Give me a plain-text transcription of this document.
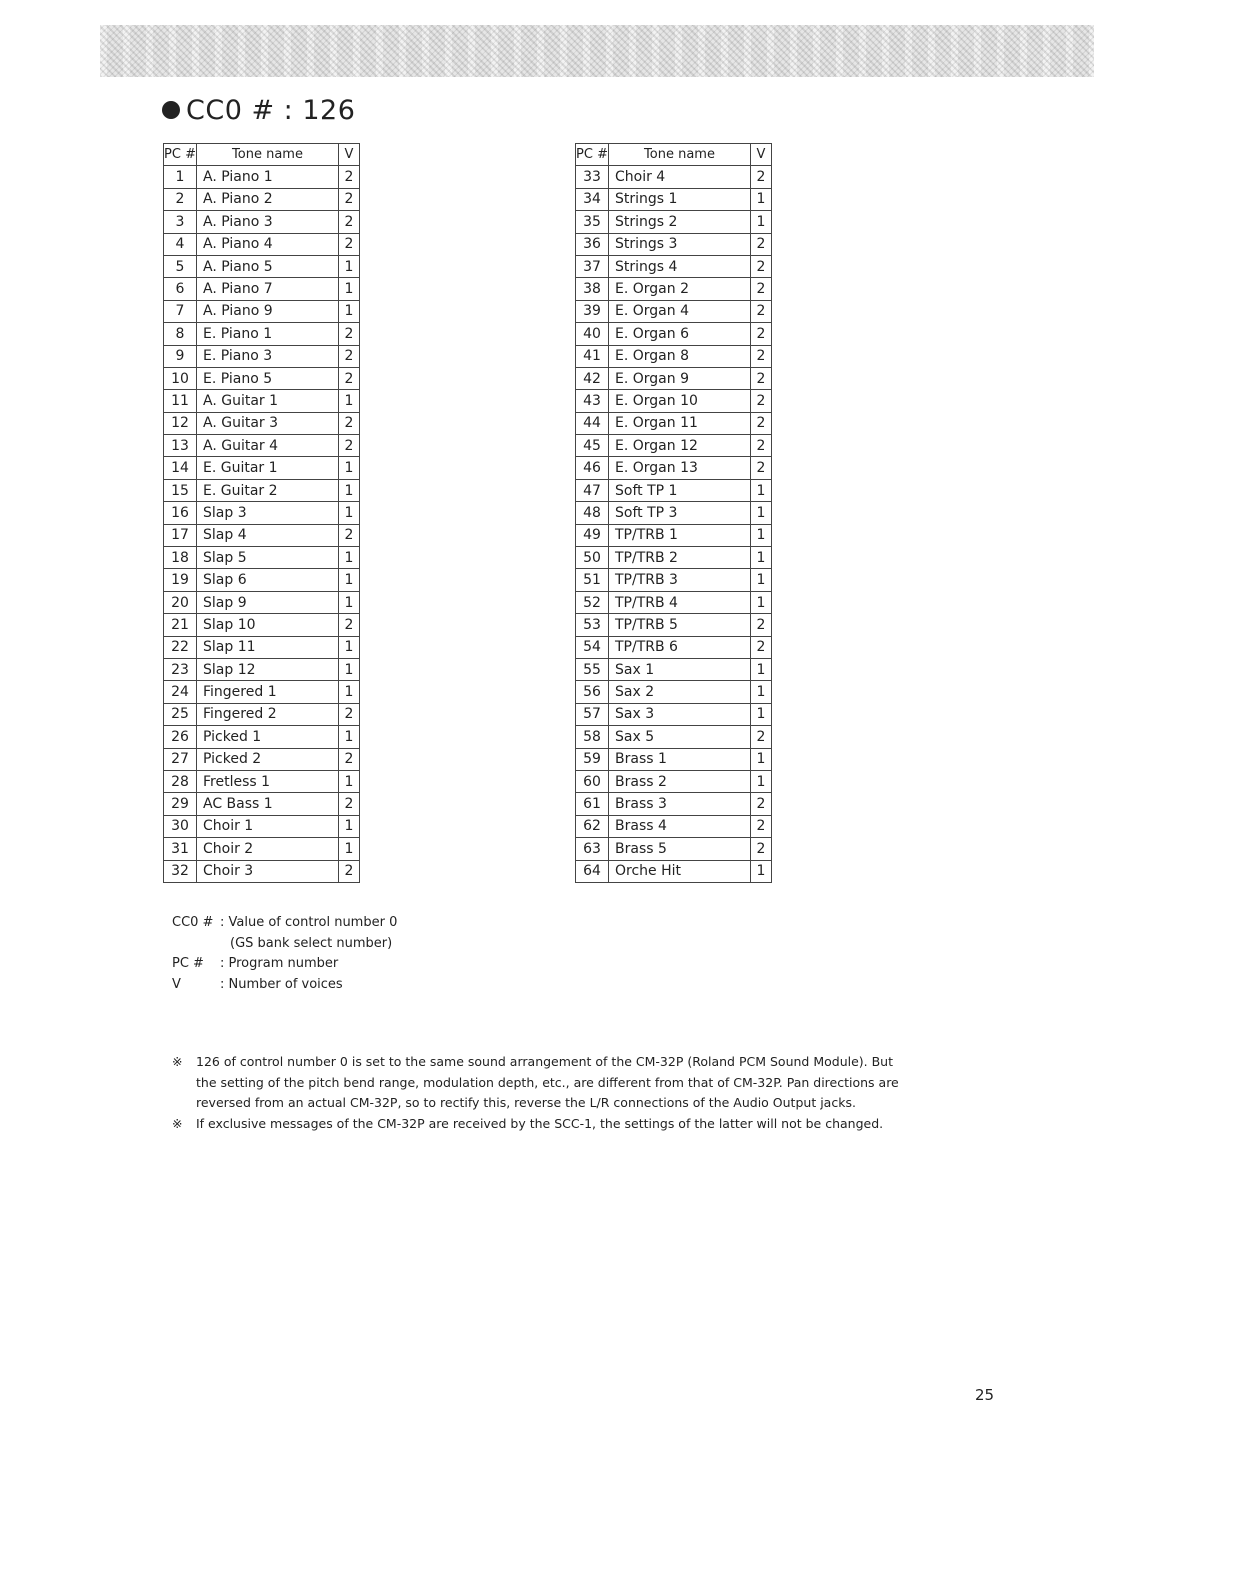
CC0 # : 126
PC #	Tone name	V
1	A. Piano 1	2
2	A. Piano 2	2
3	A. Piano 3	2
4	A. Piano 4	2
5	A. Piano 5	1
6	A. Piano 7	1
7	A. Piano 9	1
8	E. Piano 1	2
9	E. Piano 3	2
10	E. Piano 5	2
11	A. Guitar 1	1
12	A. Guitar 3	2
13	A. Guitar 4	2
14	E. Guitar 1	1
15	E. Guitar 2	1
16	Slap 3	1
17	Slap 4	2
18	Slap 5	1
19	Slap 6	1
20	Slap 9	1
21	Slap 10	2
22	Slap 11	1
23	Slap 12	1
24	Fingered 1	1
25	Fingered 2	2
26	Picked 1	1
27	Picked 2	2
28	Fretless 1	1
29	AC Bass 1	2
30	Choir 1	1
31	Choir 2	1
32	Choir 3	2
PC #	Tone name	V
33	Choir 4	2
34	Strings 1	1
35	Strings 2	1
36	Strings 3	2
37	Strings 4	2
38	E. Organ 2	2
39	E. Organ 4	2
40	E. Organ 6	2
41	E. Organ 8	2
42	E. Organ 9	2
43	E. Organ 10	2
44	E. Organ 11	2
45	E. Organ 12	2
46	E. Organ 13	2
47	Soft TP 1	1
48	Soft TP 3	1
49	TP/TRB 1	1
50	TP/TRB 2	1
51	TP/TRB 3	1
52	TP/TRB 4	1
53	TP/TRB 5	2
54	TP/TRB 6	2
55	Sax 1	1
56	Sax 2	1
57	Sax 3	1
58	Sax 5	2
59	Brass 1	1
60	Brass 2	1
61	Brass 3	2
62	Brass 4	2
63	Brass 5	2
64	Orche Hit	1
CC0 # : Value of control number 0
(GS bank select number)
PC #	: Program number
V	: Number of voices
※	126 of control number 0 is set to the same sound arrangement of the CM-32P (Roland PCM Sound Module). But the setting of the pitch bend range, modulation depth, etc., are different from that of CM-32P. Pan directions are reversed from an actual CM-32P, so to rectify this, reverse the L/R connections of the Audio Output jacks.
※	If exclusive messages of the CM-32P are received by the SCC-1, the settings of the latter will not be changed.
25
